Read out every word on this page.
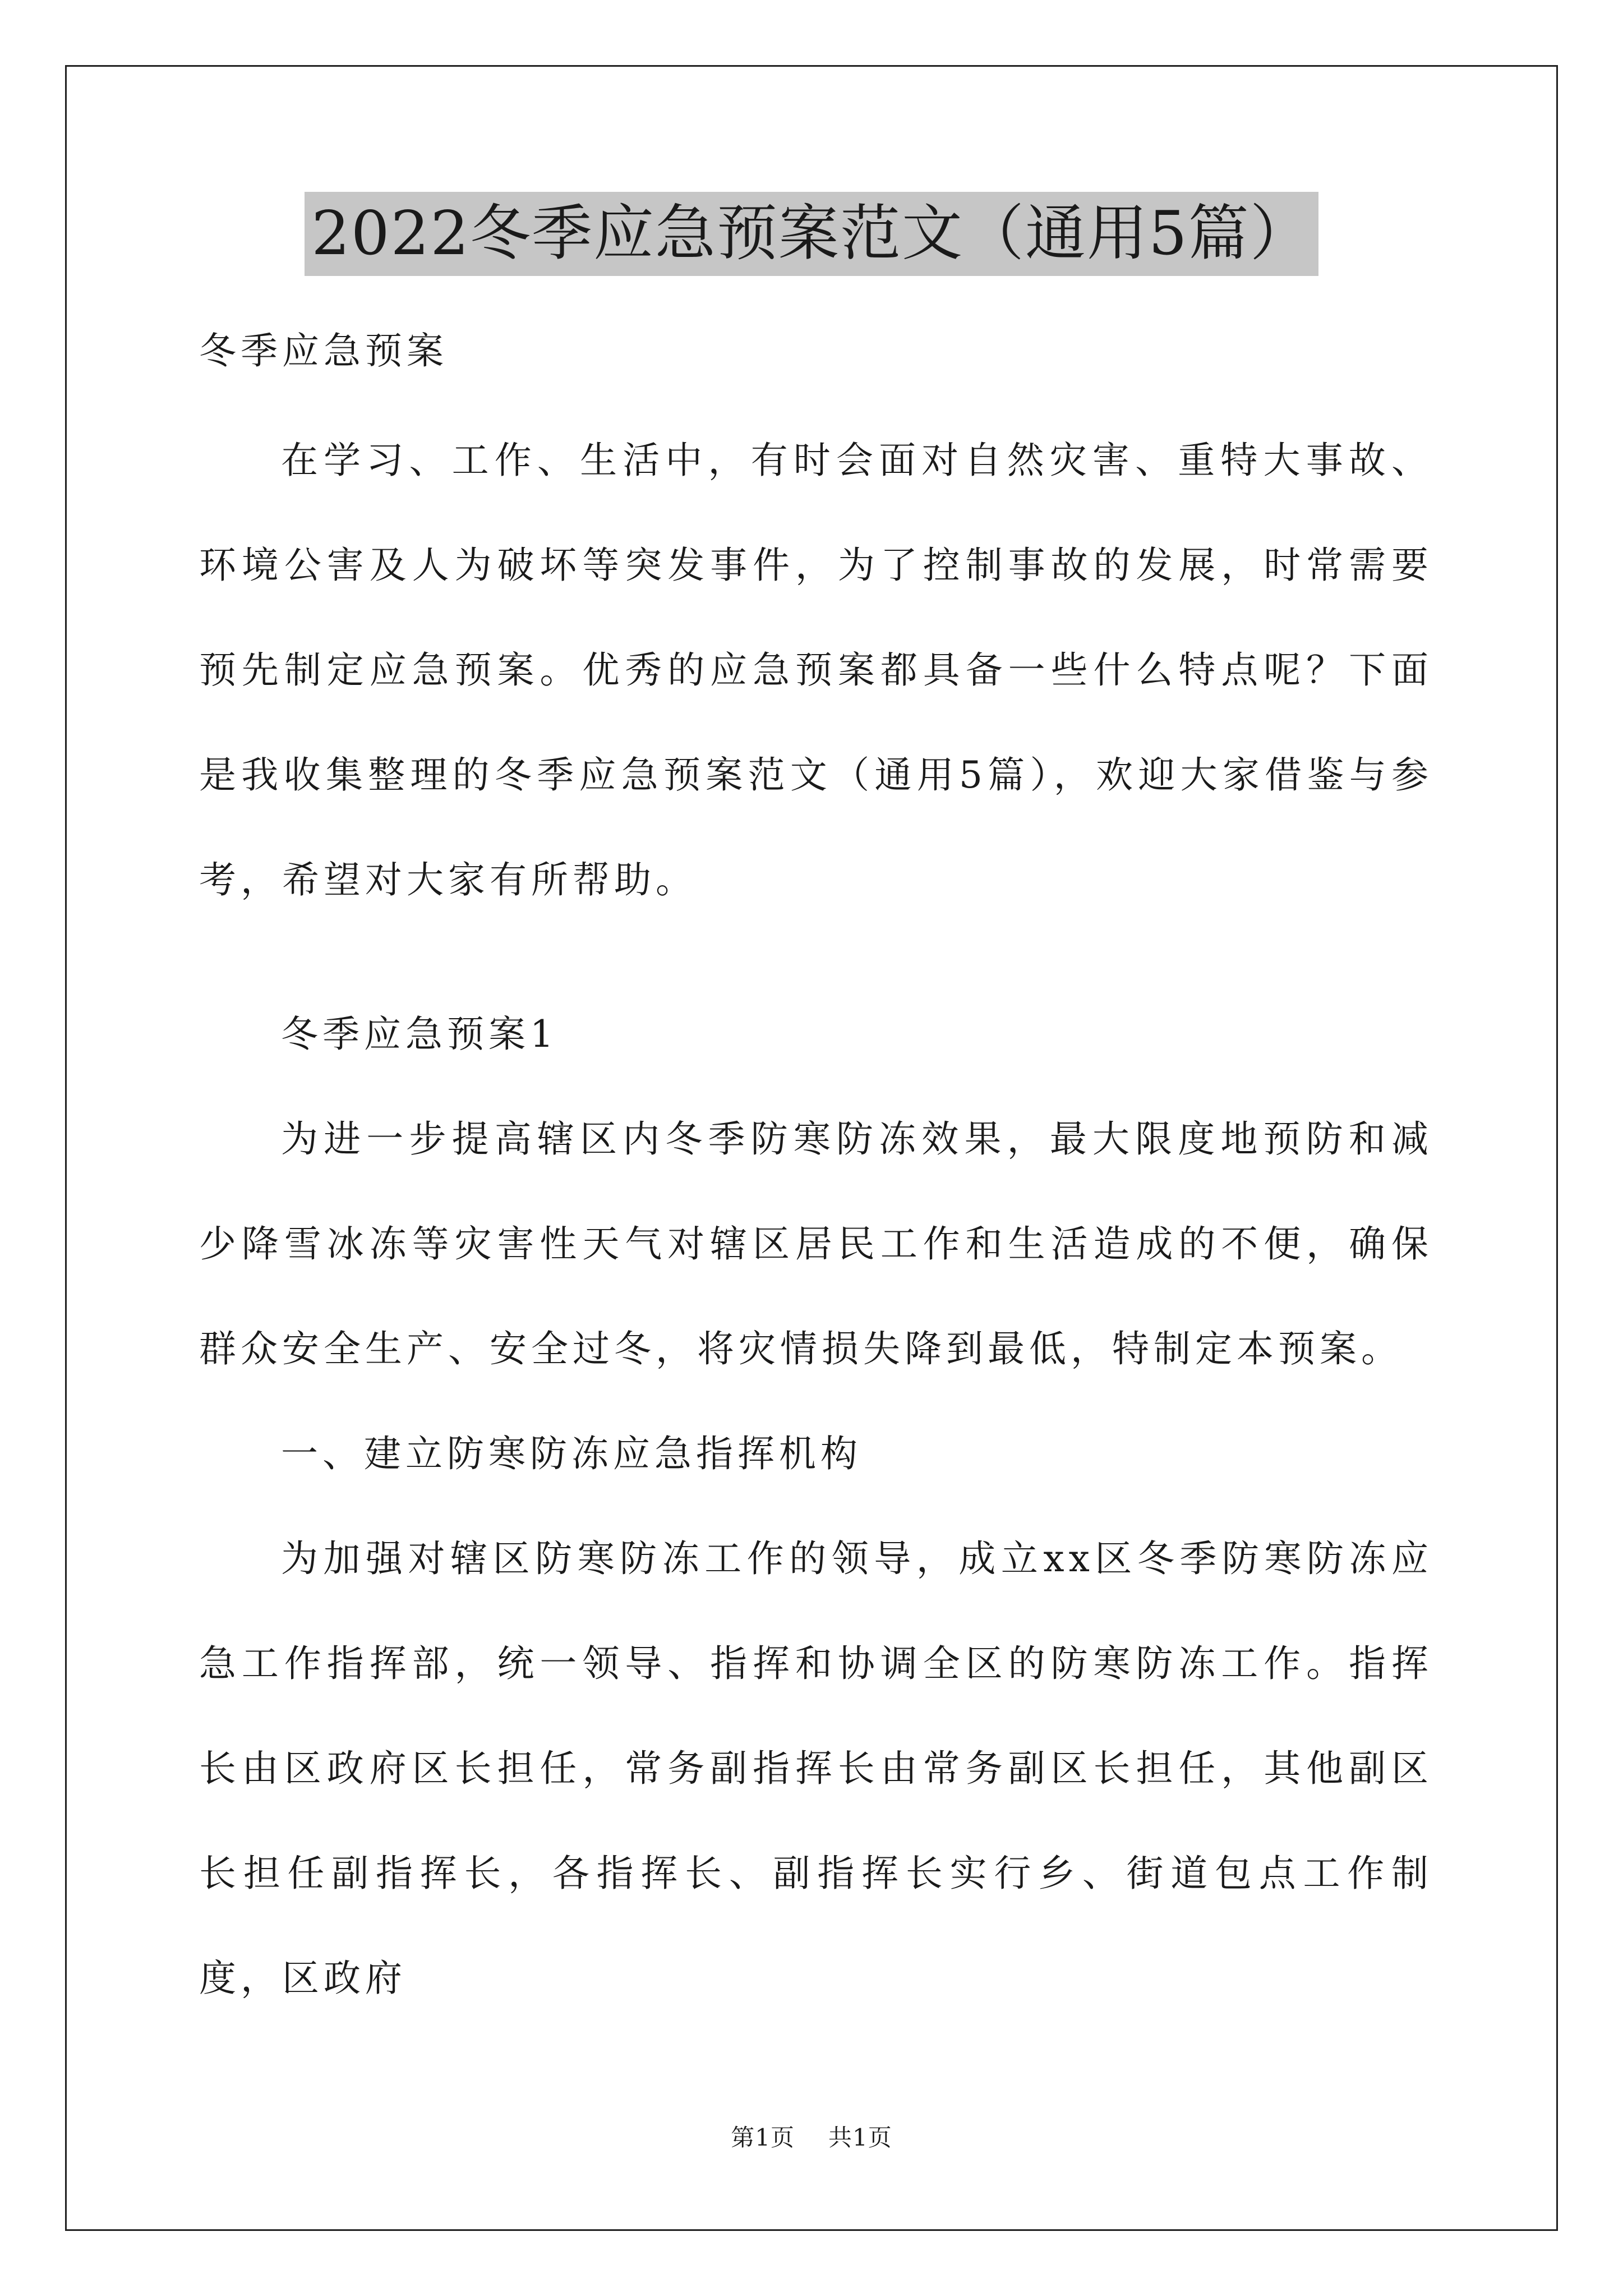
2022冬季应急预案范文（通用5篇）

冬季应急预案

在学习、工作、生活中，有时会面对自然灾害、重特大事故、环境公害及人为破坏等突发事件，为了控制事故的发展，时常需要预先制定应急预案。优秀的应急预案都具备一些什么特点呢？下面是我收集整理的冬季应急预案范文（通用5篇），欢迎大家借鉴与参考，希望对大家有所帮助。

冬季应急预案1

为进一步提高辖区内冬季防寒防冻效果，最大限度地预防和减少降雪冰冻等灾害性天气对辖区居民工作和生活造成的不便，确保群众安全生产、安全过冬，将灾情损失降到最低，特制定本预案。

一、建立防寒防冻应急指挥机构

为加强对辖区防寒防冻工作的领导，成立xx区冬季防寒防冻应急工作指挥部，统一领导、指挥和协调全区的防寒防冻工作。指挥长由区政府区长担任，常务副指挥长由常务副区长担任，其他副区长担任副指挥长，各指挥长、副指挥长实行乡、街道包点工作制度，区政府

第1页 共1页
